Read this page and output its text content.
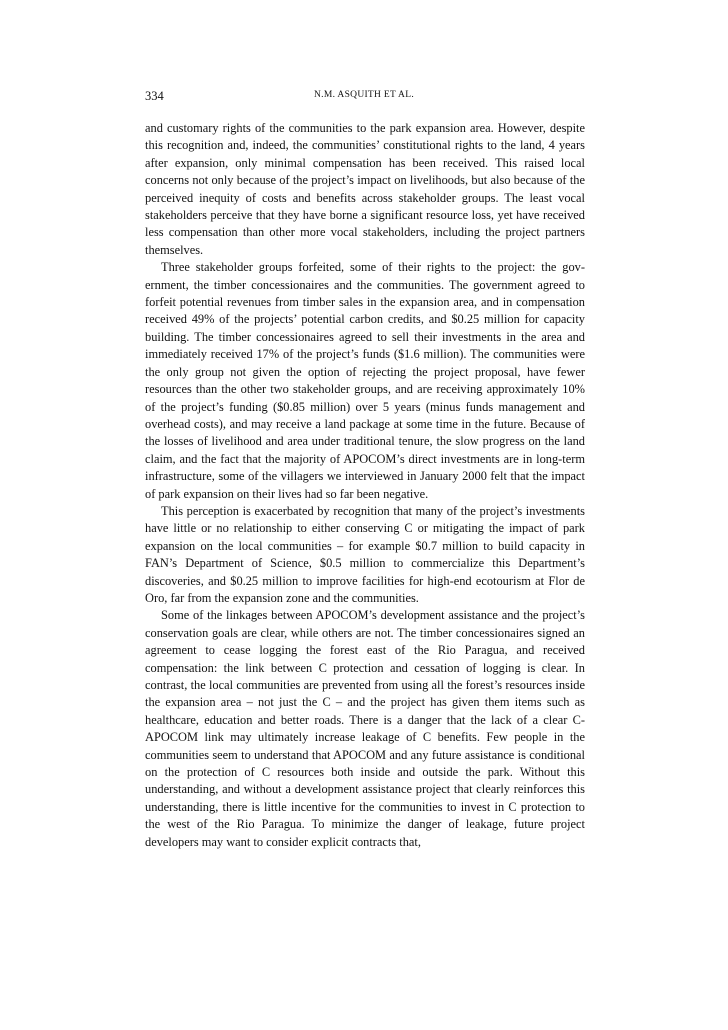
334	N.M. ASQUITH ET AL.

and customary rights of the communities to the park expansion area. However, despite this recognition and, indeed, the communities’ constitutional rights to the land, 4 years after expansion, only minimal compensation has been received. This raised local concerns not only because of the project’s impact on livelihoods, but also because of the perceived inequity of costs and benefits across stakeholder groups. The least vocal stakeholders perceive that they have borne a significant resource loss, yet have received less compensation than other more vocal stakeholders, including the project partners themselves.

Three stakeholder groups forfeited, some of their rights to the project: the government, the timber concessionaires and the communities. The government agreed to forfeit potential revenues from timber sales in the expansion area, and in compensation received 49% of the projects’ potential carbon credits, and $0.25 million for capacity building. The timber concessionaires agreed to sell their investments in the area and immediately received 17% of the project’s funds ($1.6 million). The communities were the only group not given the option of rejecting the project proposal, have fewer resources than the other two stakeholder groups, and are receiving approximately 10% of the project’s funding ($0.85 million) over 5 years (minus funds management and overhead costs), and may receive a land package at some time in the future. Because of the losses of livelihood and area under traditional tenure, the slow progress on the land claim, and the fact that the majority of APOCOM’s direct investments are in long-term infrastructure, some of the villagers we interviewed in January 2000 felt that the impact of park expansion on their lives had so far been negative.

This perception is exacerbated by recognition that many of the project’s investments have little or no relationship to either conserving C or mitigating the impact of park expansion on the local communities – for example $0.7 million to build capacity in FAN’s Department of Science, $0.5 million to commercialize this Department’s discoveries, and $0.25 million to improve facilities for high-end ecotourism at Flor de Oro, far from the expansion zone and the communities.

Some of the linkages between APOCOM’s development assistance and the project’s conservation goals are clear, while others are not. The timber concessionaires signed an agreement to cease logging the forest east of the Rio Paragua, and received compensation: the link between C protection and cessation of logging is clear. In contrast, the local communities are prevented from using all the forest’s resources inside the expansion area – not just the C – and the project has given them items such as healthcare, education and better roads. There is a danger that the lack of a clear C-APOCOM link may ultimately increase leakage of C benefits. Few people in the communities seem to understand that APOCOM and any future assistance is conditional on the protection of C resources both inside and outside the park. Without this understanding, and without a development assistance project that clearly reinforces this understanding, there is little incentive for the communities to invest in C protection to the west of the Rio Paragua. To minimize the danger of leakage, future project developers may want to consider explicit contracts that,
